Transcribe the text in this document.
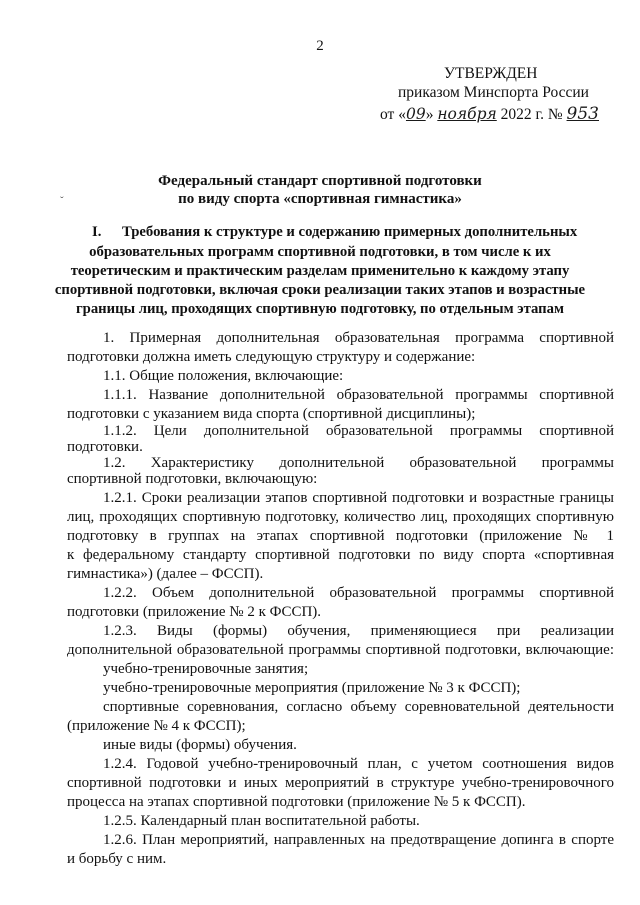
2
УТВЕРЖДЕН
приказом Минспорта России
от «09» ноября 2022 г. № 953
Федеральный стандарт спортивной подготовки
по виду спорта «спортивная гимнастика»
ˇ
I. Требования к структуре и содержанию примерных дополнительных
образовательных программ спортивной подготовки, в том числе к их
теоретическим и практическим разделам применительно к каждому этапу
спортивной подготовки, включая сроки реализации таких этапов и возрастные
границы лиц, проходящих спортивную подготовку, по отдельным этапам
1. Примерная дополнительная образовательная программа спортивной
подготовки должна иметь следующую структуру и содержание:
1.1. Общие положения, включающие:
1.1.1. Название дополнительной образовательной программы спортивной
подготовки с указанием вида спорта (спортивной дисциплины);
1.1.2. Цели дополнительной образовательной программы спортивной
подготовки.
1.2. Характеристику дополнительной образовательной программы
спортивной подготовки, включающую:
1.2.1. Сроки реализации этапов спортивной подготовки и возрастные границы
лиц, проходящих спортивную подготовку, количество лиц, проходящих спортивную
подготовку в группах на этапах спортивной подготовки (приложение № 1
к федеральному стандарту спортивной подготовки по виду спорта «спортивная
гимнастика») (далее – ФССП).
1.2.2. Объем дополнительной образовательной программы спортивной
подготовки (приложение № 2 к ФССП).
1.2.3. Виды (формы) обучения, применяющиеся при реализации
дополнительной образовательной программы спортивной подготовки, включающие:
учебно-тренировочные занятия;
учебно-тренировочные мероприятия (приложение № 3 к ФССП);
спортивные соревнования, согласно объему соревновательной деятельности
(приложение № 4 к ФССП);
иные виды (формы) обучения.
1.2.4. Годовой учебно-тренировочный план, с учетом соотношения видов
спортивной подготовки и иных мероприятий в структуре учебно-тренировочного
процесса на этапах спортивной подготовки (приложение № 5 к ФССП).
1.2.5. Календарный план воспитательной работы.
1.2.6. План мероприятий, направленных на предотвращение допинга в спорте
и борьбу с ним.
